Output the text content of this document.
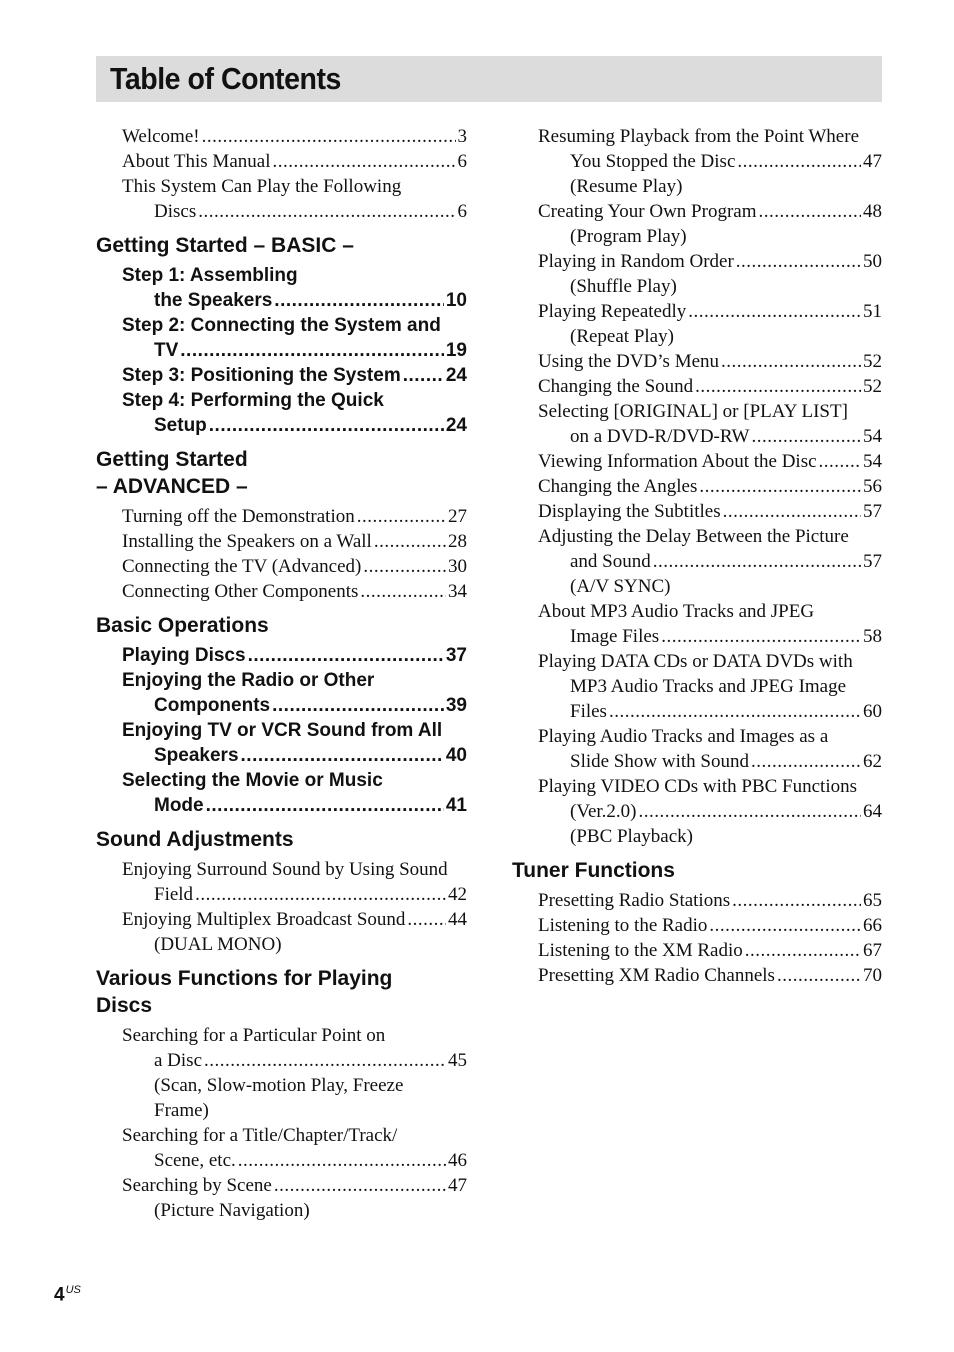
Table of Contents
Welcome! .....	3
About This Manual .....	6
This System Can Play the Following
Discs .....	6
Getting Started – BASIC –
Step 1: Assembling
the Speakers .....	10
Step 2: Connecting the System and
TV .....	19
Step 3: Positioning the System ..... 24
Step 4: Performing the Quick
Setup .....	24
Getting Started
– ADVANCED –
Turning off the Demonstration .....	27
Installing the Speakers on a Wall .....	28
Connecting the TV (Advanced) .....	30
Connecting Other Components .....	34
Basic Operations
Playing Discs .....	37
Enjoying the Radio or Other
Components .....	39
Enjoying TV or VCR Sound from All
Speakers .....	40
Selecting the Movie or Music
Mode .....	41
Sound Adjustments
Enjoying Surround Sound by Using Sound
Field .....	42
Enjoying Multiplex Broadcast Sound ..... 44
(DUAL MONO)
Various Functions for Playing
Discs
Searching for a Particular Point on
a Disc .....	45
(Scan, Slow-motion Play, Freeze
Frame)
Searching for a Title/Chapter/Track/
Scene, etc. .....	46
Searching by Scene .....	47
(Picture Navigation)
Resuming Playback from the Point Where
You Stopped the Disc .....	47
(Resume Play)
Creating Your Own Program .....	48
(Program Play)
Playing in Random Order .....	50
(Shuffle Play)
Playing Repeatedly .....	51
(Repeat Play)
Using the DVD’s Menu .....	52
Changing the Sound .....	52
Selecting [ORIGINAL] or [PLAY LIST]
on a DVD-R/DVD-RW .....	54
Viewing Information About the Disc ..... 54
Changing the Angles .....	56
Displaying the Subtitles .....	57
Adjusting the Delay Between the Picture
and Sound .....	57
(A/V SYNC)
About MP3 Audio Tracks and JPEG
Image Files .....	58
Playing DATA CDs or DATA DVDs with
MP3 Audio Tracks and JPEG Image
Files .....	60
Playing Audio Tracks and Images as a
Slide Show with Sound .....	62
Playing VIDEO CDs with PBC Functions
(Ver.2.0) .....	64
(PBC Playback)
Tuner Functions
Presetting Radio Stations .....	65
Listening to the Radio .....	66
Listening to the XM Radio .....	67
Presetting XM Radio Channels .....	70
$4^{US}$
